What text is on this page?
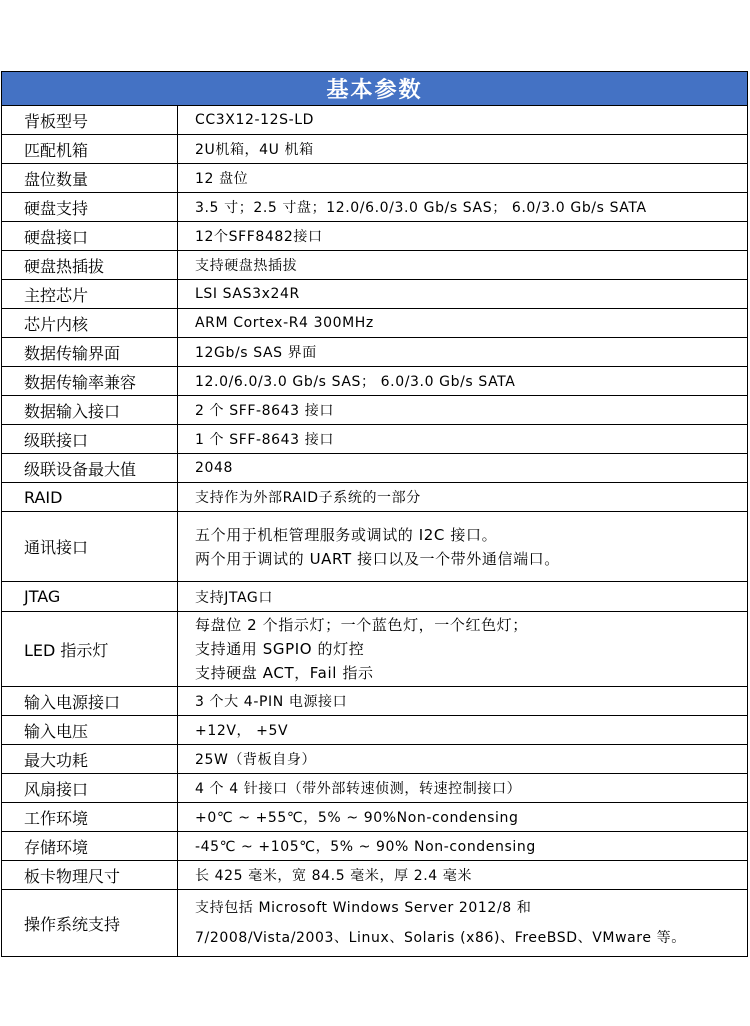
基本参数	
背板型号	CC3X12-12S-LD
匹配机箱	2U机箱，4U 机箱
盘位数量	12 盘位
硬盘支持	3.5 寸；2.5 寸盘；12.0/6.0/3.0 Gb/s SAS； 6.0/3.0 Gb/s SATA
硬盘接口	12个SFF8482接口
硬盘热插拔	支持硬盘热插拔
主控芯片	LSI SAS3x24R
芯片内核	ARM Cortex-R4 300MHz
数据传输界面	12Gb/s SAS 界面
数据传输率兼容	12.0/6.0/3.0 Gb/s SAS； 6.0/3.0 Gb/s SATA
数据输入接口	2 个 SFF-8643 接口
级联接口	1 个 SFF-8643 接口
级联设备最大值	2048
RAID	支持作为外部RAID子系统的一部分
通讯接口	五个用于机柜管理服务或调试的 I2C 接口。
两个用于调试的 UART 接口以及一个带外通信端口。

JTAG	支持JTAG口
LED 指示灯	每盘位 2 个指示灯；一个蓝色灯，一个红色灯；
支持通用 SGPIO 的灯控
支持硬盘 ACT，Fail 指示

输入电源接口	3 个大 4-PIN 电源接口
输入电压	+12V， +5V
最大功耗	25W（背板自身）
风扇接口	4 个 4 针接口（带外部转速侦测，转速控制接口）
工作环境	+0℃ ~ +55℃，5% ~ 90%Non-condensing
存储环境	-45℃ ~ +105℃，5% ~ 90% Non-condensing
板卡物理尺寸	长 425 毫米，宽 84.5 毫米，厚 2.4 毫米
操作系统支持	支持包括 Microsoft Windows Server 2012/8 和
7/2008/Vista/2003、Linux、Solaris (x86)、FreeBSD、VMware 等。
